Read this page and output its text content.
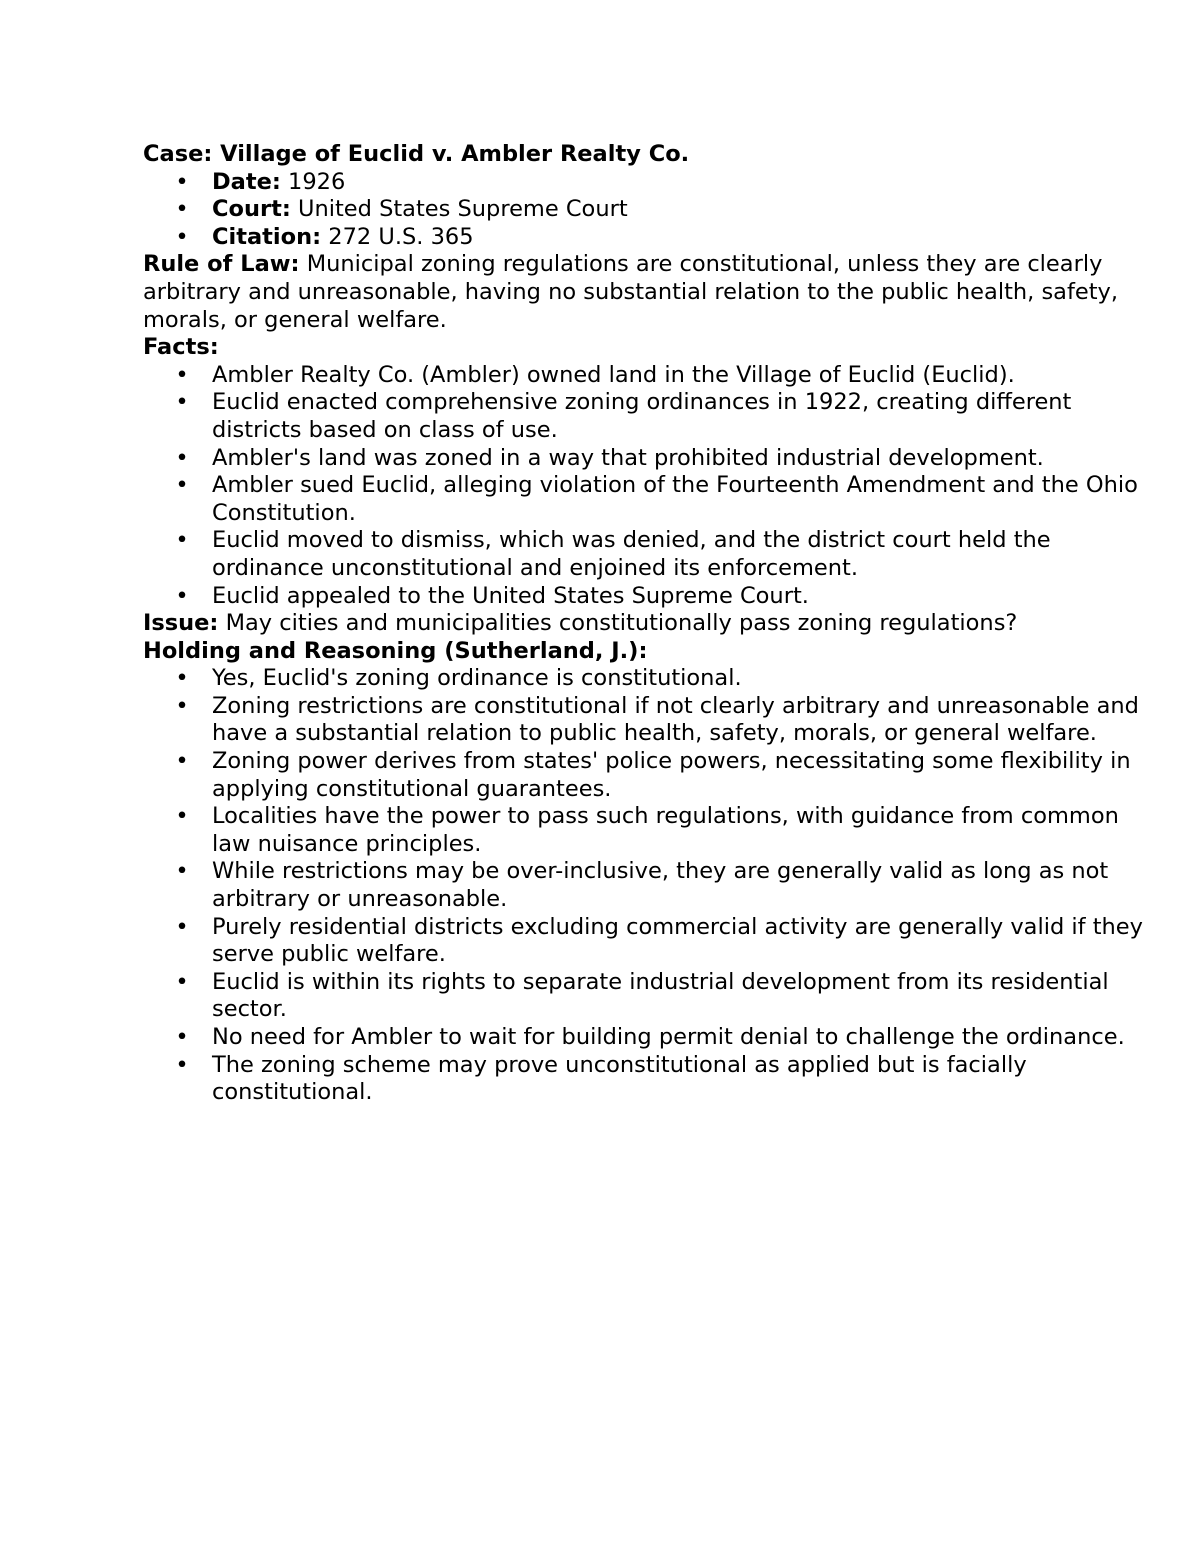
Case: Village of Euclid v. Ambler Realty Co.

• Date: 1926
• Court: United States Supreme Court
• Citation: 272 U.S. 365

Rule of Law: Municipal zoning regulations are constitutional, unless they are clearly arbitrary and unreasonable, having no substantial relation to the public health, safety, morals, or general welfare.

Facts:

• Ambler Realty Co. (Ambler) owned land in the Village of Euclid (Euclid).
• Euclid enacted comprehensive zoning ordinances in 1922, creating different districts based on class of use.
• Ambler's land was zoned in a way that prohibited industrial development.
• Ambler sued Euclid, alleging violation of the Fourteenth Amendment and the Ohio Constitution.
• Euclid moved to dismiss, which was denied, and the district court held the ordinance unconstitutional and enjoined its enforcement.
• Euclid appealed to the United States Supreme Court.

Issue: May cities and municipalities constitutionally pass zoning regulations?

Holding and Reasoning (Sutherland, J.):

• Yes, Euclid's zoning ordinance is constitutional.
• Zoning restrictions are constitutional if not clearly arbitrary and unreasonable and have a substantial relation to public health, safety, morals, or general welfare.
• Zoning power derives from states' police powers, necessitating some flexibility in applying constitutional guarantees.
• Localities have the power to pass such regulations, with guidance from common law nuisance principles.
• While restrictions may be over-inclusive, they are generally valid as long as not arbitrary or unreasonable.
• Purely residential districts excluding commercial activity are generally valid if they serve public welfare.
• Euclid is within its rights to separate industrial development from its residential sector.
• No need for Ambler to wait for building permit denial to challenge the ordinance.
• The zoning scheme may prove unconstitutional as applied but is facially constitutional.
